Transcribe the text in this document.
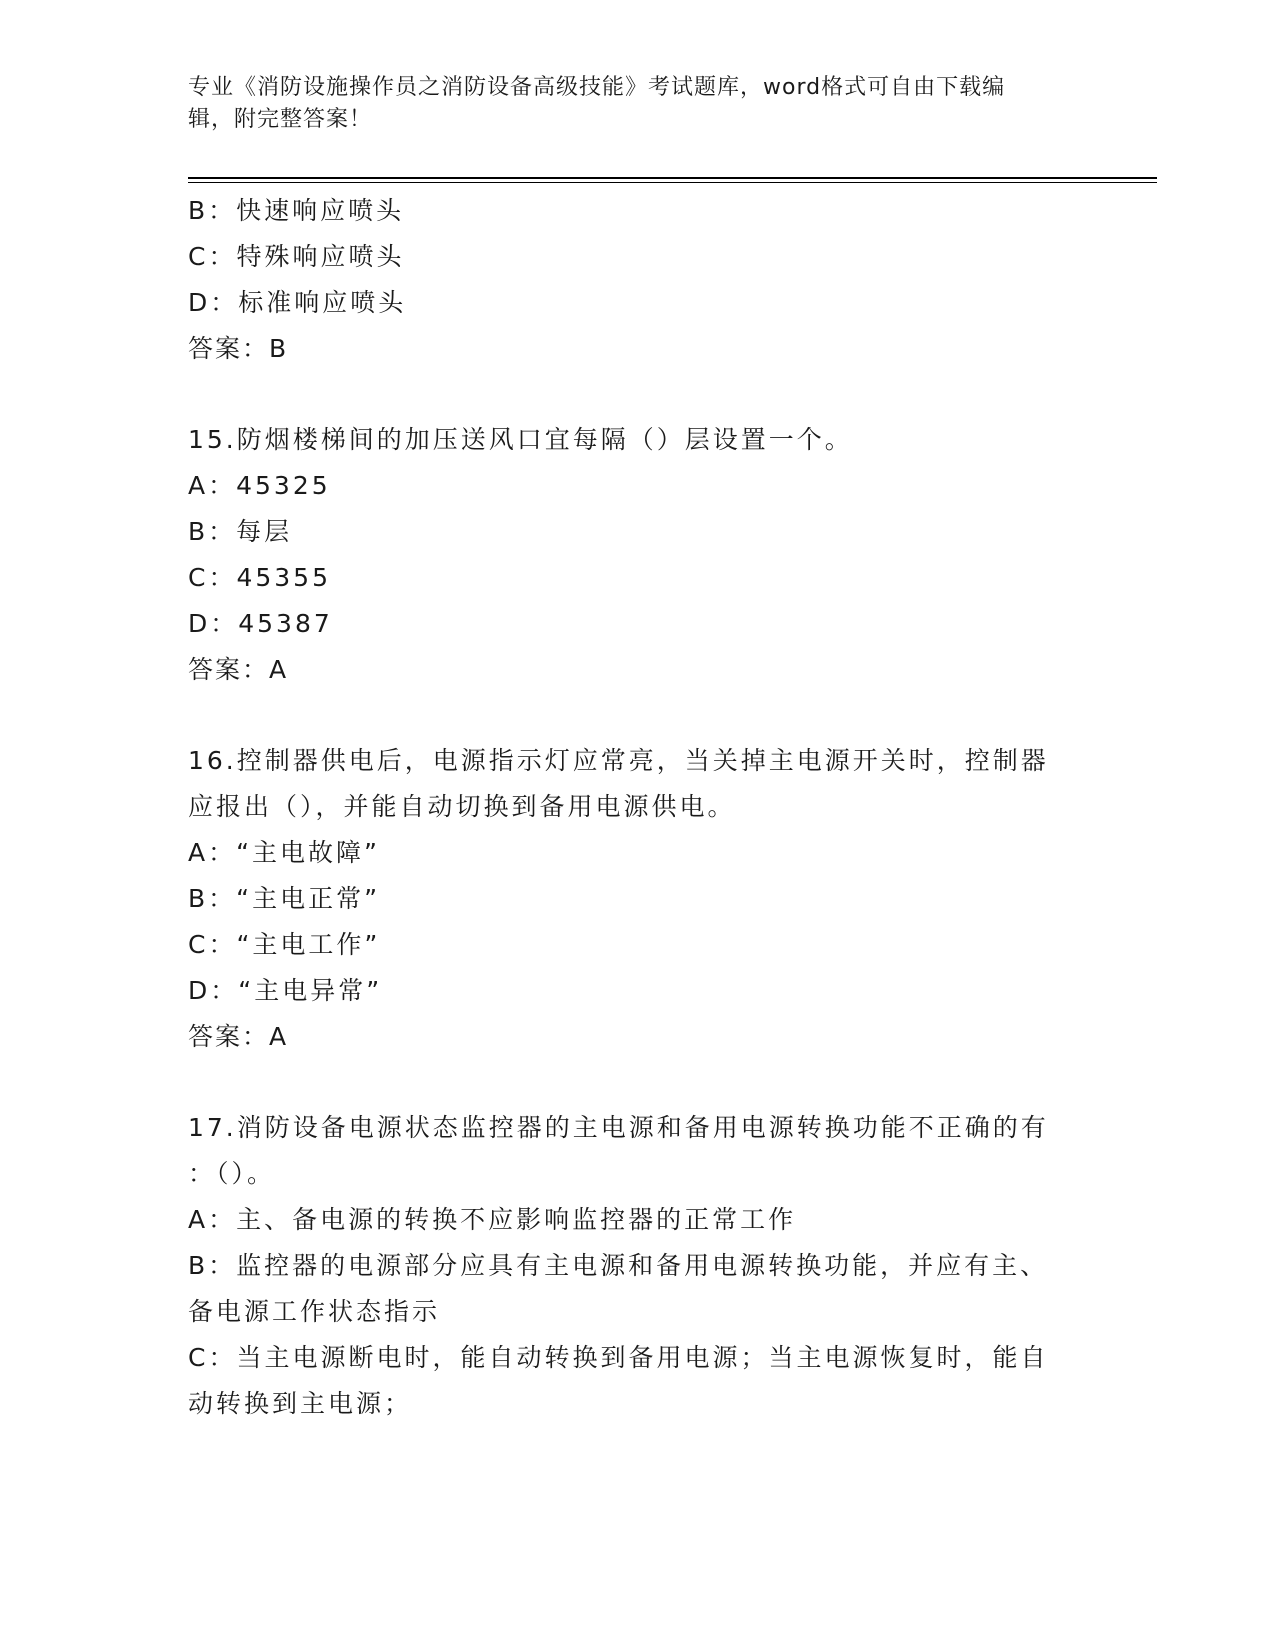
专业《消防设施操作员之消防设备高级技能》考试题库，word格式可自由下载编
辑，附完整答案！

B：快速响应喷头

C：特殊响应喷头

D：标准响应喷头

答案：B

15.防烟楼梯间的加压送风口宜每隔（）层设置一个。

A：45325

B：每层

C：45355

D：45387

答案：A

16.控制器供电后，电源指示灯应常亮，当关掉主电源开关时，控制器

应报出（），并能自动切换到备用电源供电。

A：“主电故障”

B：“主电正常”

C：“主电工作”

D：“主电异常”

答案：A

17.消防设备电源状态监控器的主电源和备用电源转换功能不正确的有

：（）。

A：主、备电源的转换不应影响监控器的正常工作

B：监控器的电源部分应具有主电源和备用电源转换功能，并应有主、

备电源工作状态指示

C：当主电源断电时，能自动转换到备用电源；当主电源恢复时，能自

动转换到主电源；
